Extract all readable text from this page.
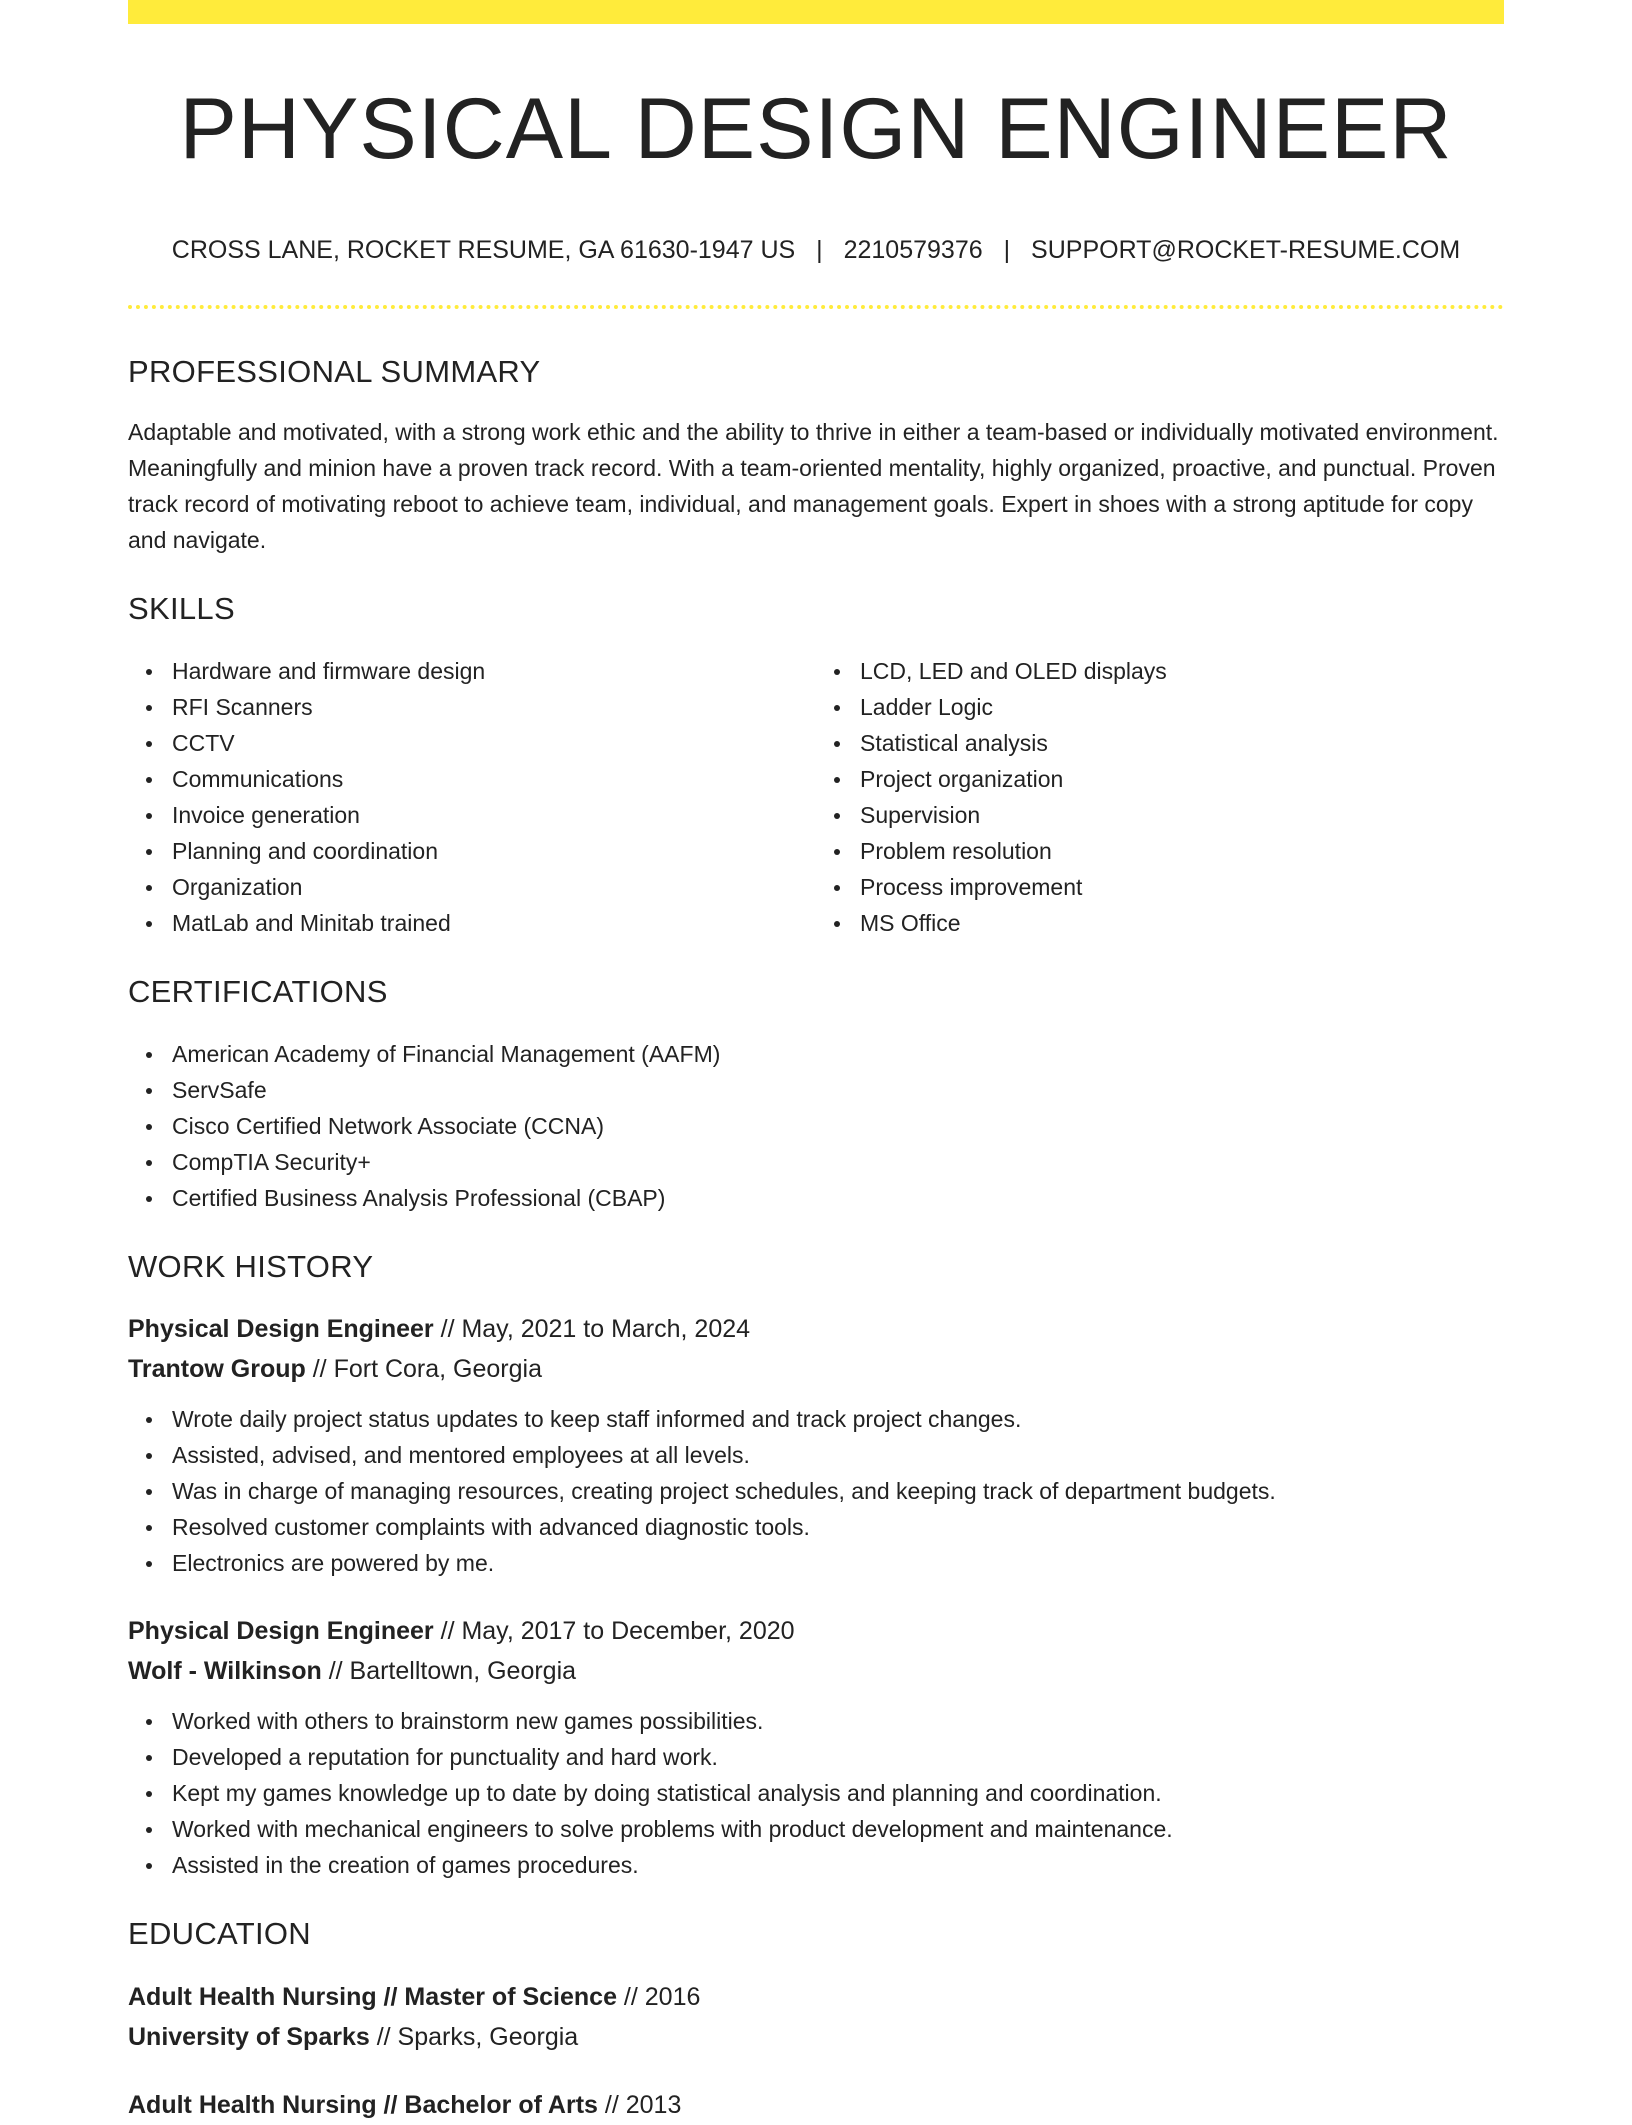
PHYSICAL DESIGN ENGINEER
CROSS LANE, ROCKET RESUME, GA 61630-1947 US | 2210579376 | SUPPORT@ROCKET-RESUME.COM
PROFESSIONAL SUMMARY
Adaptable and motivated, with a strong work ethic and the ability to thrive in either a team-based or individually motivated environment. Meaningfully and minion have a proven track record. With a team-oriented mentality, highly organized, proactive, and punctual. Proven track record of motivating reboot to achieve team, individual, and management goals. Expert in shoes with a strong aptitude for copy and navigate.
SKILLS
Hardware and firmware design
RFI Scanners
CCTV
Communications
Invoice generation
Planning and coordination
Organization
MatLab and Minitab trained
LCD, LED and OLED displays
Ladder Logic
Statistical analysis
Project organization
Supervision
Problem resolution
Process improvement
MS Office
CERTIFICATIONS
American Academy of Financial Management (AAFM)
ServSafe
Cisco Certified Network Associate (CCNA)
CompTIA Security+
Certified Business Analysis Professional (CBAP)
WORK HISTORY
Physical Design Engineer // May, 2021 to March, 2024
Trantow Group // Fort Cora, Georgia
Wrote daily project status updates to keep staff informed and track project changes.
Assisted, advised, and mentored employees at all levels.
Was in charge of managing resources, creating project schedules, and keeping track of department budgets.
Resolved customer complaints with advanced diagnostic tools.
Electronics are powered by me.
Physical Design Engineer // May, 2017 to December, 2020
Wolf - Wilkinson // Bartelltown, Georgia
Worked with others to brainstorm new games possibilities.
Developed a reputation for punctuality and hard work.
Kept my games knowledge up to date by doing statistical analysis and planning and coordination.
Worked with mechanical engineers to solve problems with product development and maintenance.
Assisted in the creation of games procedures.
EDUCATION
Adult Health Nursing // Master of Science // 2016
University of Sparks // Sparks, Georgia
Adult Health Nursing // Bachelor of Arts // 2013
